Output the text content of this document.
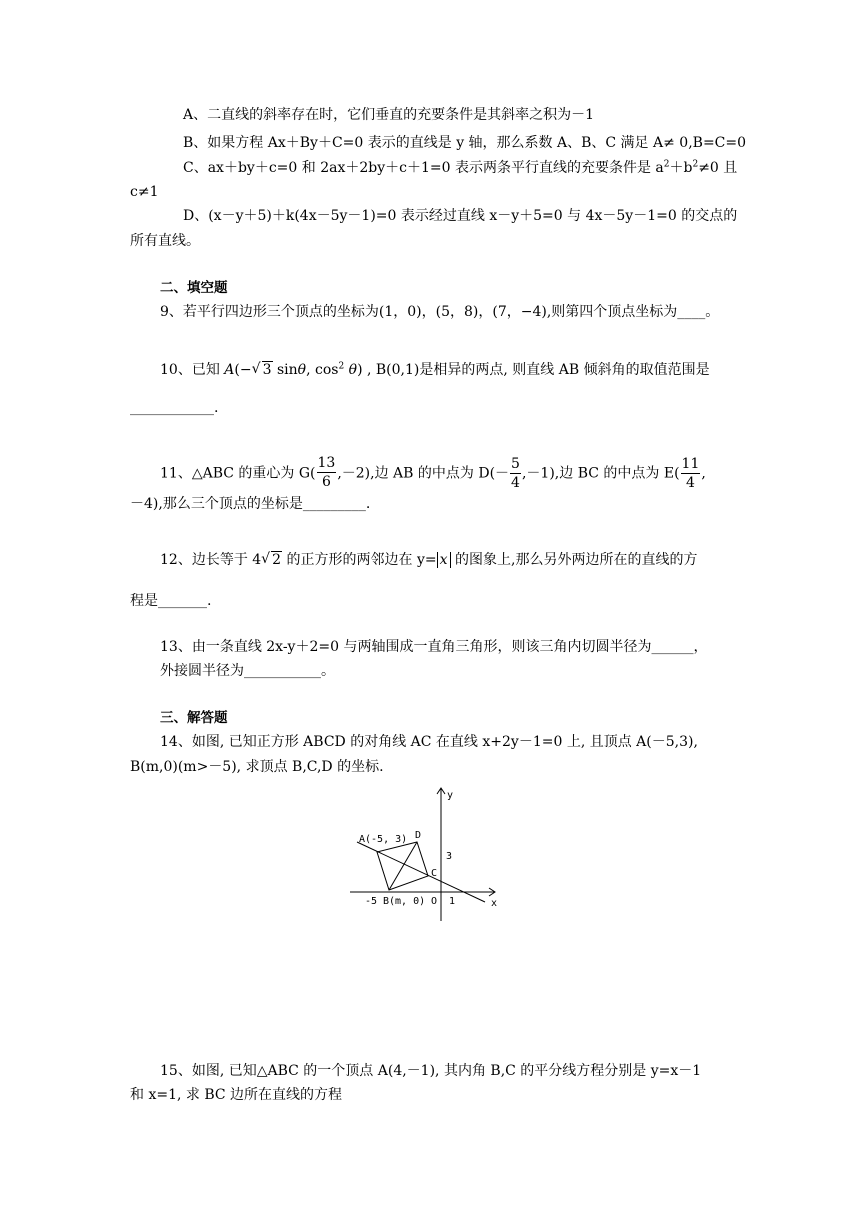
A、二直线的斜率存在时，它们垂直的充要条件是其斜率之积为－1
B、如果方程 Ax＋By＋C=0 表示的直线是 y 轴，那么系数 A、B、C 满足 A≠ 0,B=C=0
C、ax＋by＋c=0 和 2ax＋2by＋c＋1=0 表示两条平行直线的充要条件是 $a^2+b^2\ne 0$ 且
c≠1
D、(x－y＋5)＋k(4x－5y－1)=0 表示经过直线 x－y＋5=0 与 4x－5y－1=0 的交点的
所有直线。
二、填空题
9、若平行四边形三个顶点的坐标为(1，0)，(5，8)，(7，−4),则第四个顶点坐标为____。
10、已知 A(− √ 3 sinθ, $\cos^2 \theta$) , B(0,1)是相异的两点, 则直线 AB 倾斜角的取值范围是
____________.
11、△ABC 的重心为 $G( \frac{13}{6} ,-2)$,边 AB 的中点为 $D(- \frac{5}{4} ,-1)$,边 BC 的中点为 $E( \frac{11}{4}$ ,
－4),那么三个顶点的坐标是_________.
12、边长等于 4 √ 2 的正方形的两邻边在 y= x 的图象上,那么另外两边所在的直线的方
程是_______.
13、由一条直线 2x-y＋2=0 与两轴围成一直角三角形，则该三角内切圆半径为______，
外接圆半径为___________。
三、解答题
14、如图, 已知正方形 ABCD 的对角线 AC 在直线 x+2y－1=0 上, 且顶点 A(－5,3),
B(m,0)(m>－5), 求顶点 B,C,D 的坐标.
y
x
A(-5, 3) D
C
B(m, 0)
3
-5	O 1
15、如图, 已知△ABC 的一个顶点 A(4,－1), 其内角 B,C 的平分线方程分别是 y=x－1
和 x=1, 求 BC 边所在直线的方程
